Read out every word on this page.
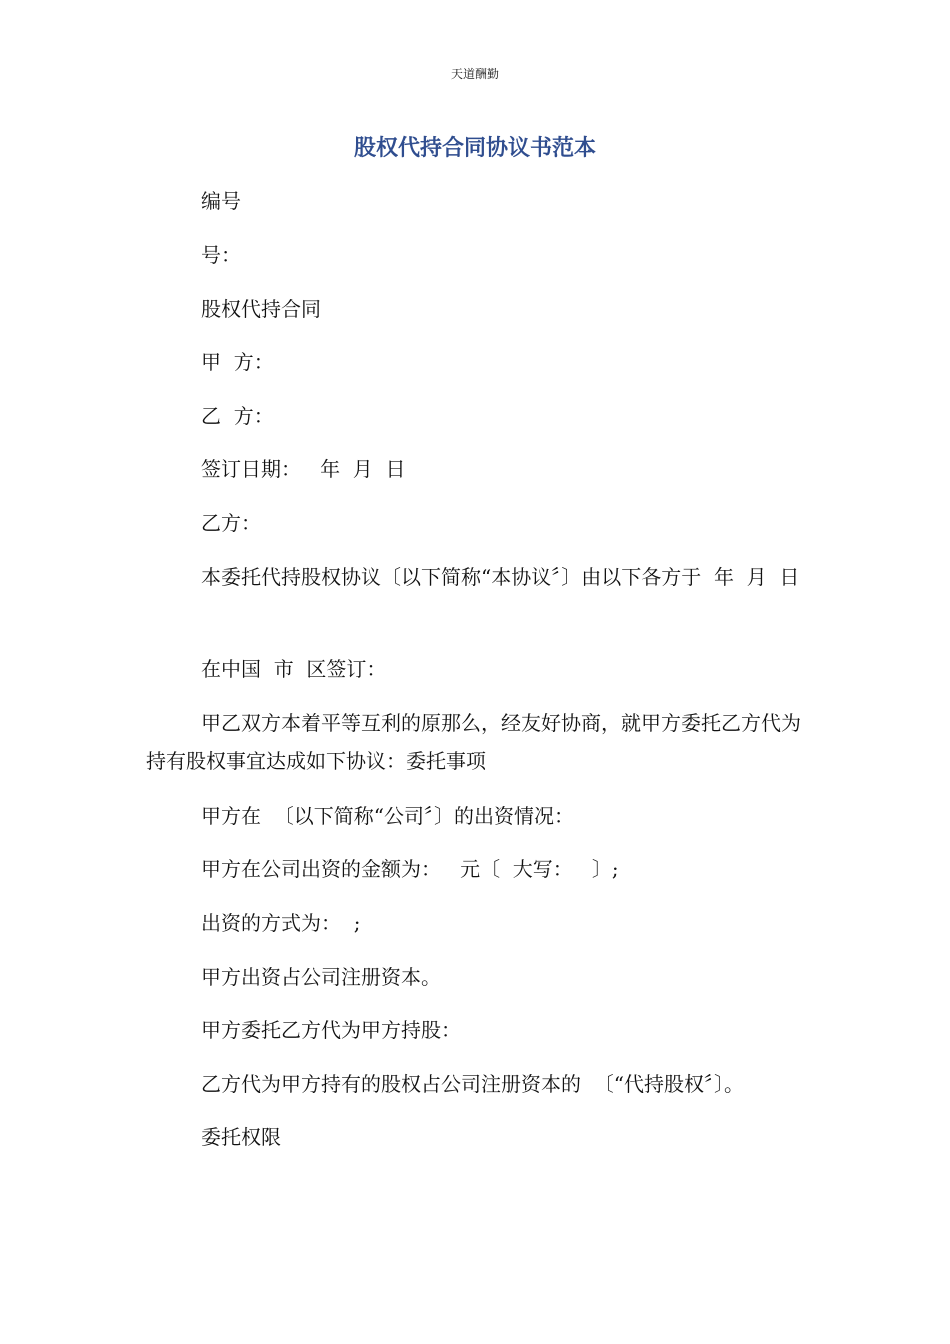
天道酬勤
股权代持合同协议书范本
编号
号：
股权代持合同
甲  方：
乙  方：
签订日期：   年  月  日
乙方：
本委托代持股权协议〔以下简称“本协议〞〕由以下各方于  年  月  日
在中国  市  区签订：
甲乙双方本着平等互利的原那么，经友好协商，就甲方委托乙方代为持有股权事宜达成如下协议：委托事项
甲方在  〔以下简称“公司〞〕的出资情况：
甲方在公司出资的金额为：   元〔  大写：   〕;
出资的方式为：  ;
甲方出资占公司注册资本。
甲方委托乙方代为甲方持股：
乙方代为甲方持有的股权占公司注册资本的  〔“代持股权〞〕。
委托权限
